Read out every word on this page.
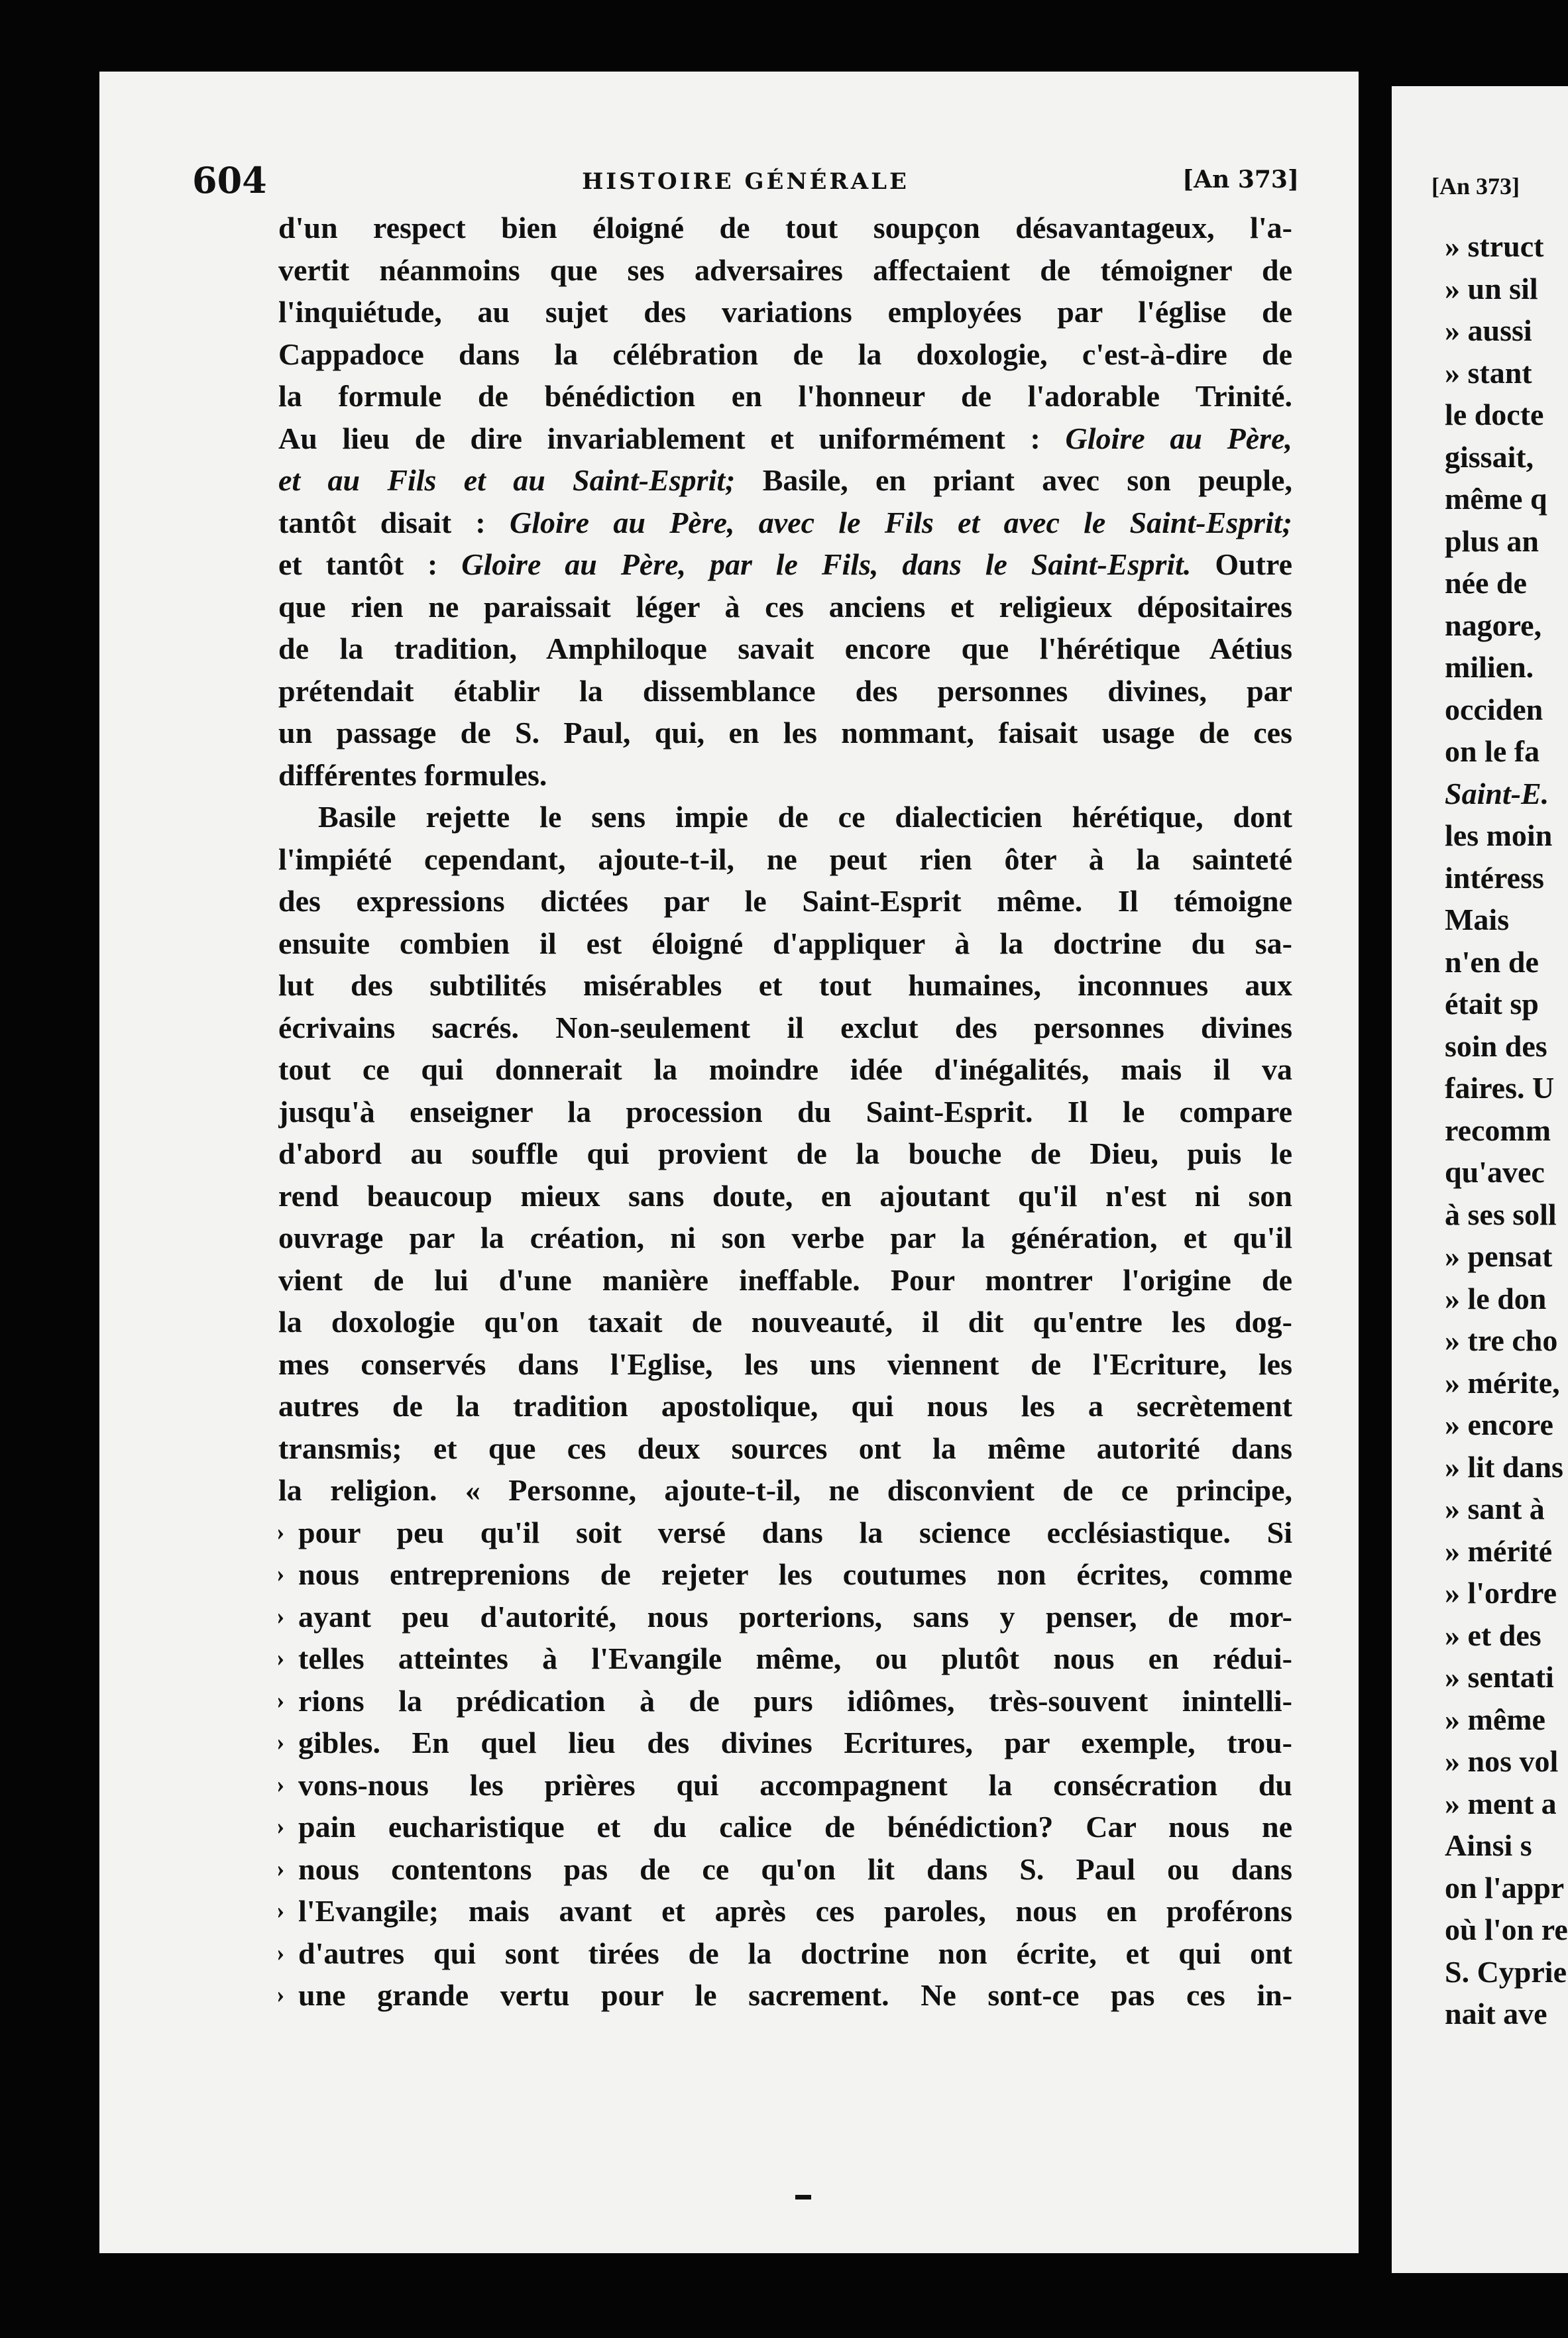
604	HISTOIRE GÉNÉRALE	[An 373]
d'un respect bien éloigné de tout soupçon désavantageux, l'a-
vertit néanmoins que ses adversaires affectaient de témoigner de
l'inquiétude, au sujet des variations employées par l'église de
Cappadoce dans la célébration de la doxologie, c'est-à-dire de
la formule de bénédiction en l'honneur de l'adorable Trinité.
Au lieu de dire invariablement et uniformément : Gloire au Père,
et au Fils et au Saint-Esprit; Basile, en priant avec son peuple,
tantôt disait : Gloire au Père, avec le Fils et avec le Saint-Esprit;
et tantôt : Gloire au Père, par le Fils, dans le Saint-Esprit. Outre
que rien ne paraissait léger à ces anciens et religieux dépositaires
de la tradition, Amphiloque savait encore que l'hérétique Aétius
prétendait établir la dissemblance des personnes divines, par
un passage de S. Paul, qui, en les nommant, faisait usage de ces
différentes formules.
Basile rejette le sens impie de ce dialecticien hérétique, dont
l'impiété cependant, ajoute-t-il, ne peut rien ôter à la sainteté
des expressions dictées par le Saint-Esprit même. Il témoigne
ensuite combien il est éloigné d'appliquer à la doctrine du sa-
lut des subtilités misérables et tout humaines, inconnues aux
écrivains sacrés. Non-seulement il exclut des personnes divines
tout ce qui donnerait la moindre idée d'inégalités, mais il va
jusqu'à enseigner la procession du Saint-Esprit. Il le compare
d'abord au souffle qui provient de la bouche de Dieu, puis le
rend beaucoup mieux sans doute, en ajoutant qu'il n'est ni son
ouvrage par la création, ni son verbe par la génération, et qu'il
vient de lui d'une manière ineffable. Pour montrer l'origine de
la doxologie qu'on taxait de nouveauté, il dit qu'entre les dog-
mes conservés dans l'Eglise, les uns viennent de l'Ecriture, les
autres de la tradition apostolique, qui nous les a secrètement
transmis; et que ces deux sources ont la même autorité dans
la religion. « Personne, ajoute-t-il, ne disconvient de ce principe,
» pour peu qu'il soit versé dans la science ecclésiastique. Si
» nous entreprenions de rejeter les coutumes non écrites, comme
» ayant peu d'autorité, nous porterions, sans y penser, de mor-
» telles atteintes à l'Evangile même, ou plutôt nous en rédui-
» rions la prédication à de purs idiômes, très-souvent inintelli-
» gibles. En quel lieu des divines Ecritures, par exemple, trou-
» vons-nous les prières qui accompagnent la consécration du
» pain eucharistique et du calice de bénédiction? Car nous ne
» nous contentons pas de ce qu'on lit dans S. Paul ou dans
» l'Evangile; mais avant et après ces paroles, nous en proférons
» d'autres qui sont tirées de la doctrine non écrite, et qui ont
» une grande vertu pour le sacrement. Ne sont-ce pas ces in-
[An 373]
» struct
» un sil
» aussi
» stant
le docte
gissait,
même q
plus an
née de
nagore,
milien.
occiden
on le fa
Saint-E.
les moin
intéress
Mais
n'en de
était sp
soin des
faires. U
recomm
qu'avec
à ses soll
» pensat
» le don
» tre cho
» mérite,
» encore
» lit dans
» sant à
» mérité
» l'ordre
» et des
» sentati
» même
» nos vol
» ment a
Ainsi s
on l'appr
où l'on re
S. Cyprie
nait ave
